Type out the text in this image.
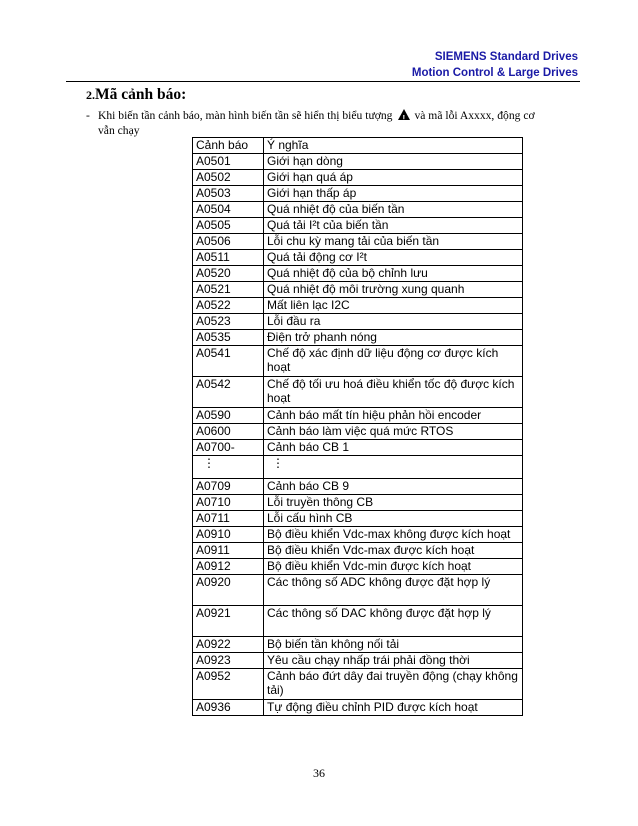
SIEMENS Standard Drives
Motion Control & Large Drives
2.Mã cảnh báo:
- Khi biến tần cảnh báo, màn hình biến tần sẽ hiển thị biểu tượng ! và mã lỗi Axxxx, động cơ
vẫn chạy
Cảnh báo	Ý nghĩa
A0501	Giới hạn dòng
A0502	Giới hạn quá áp
A0503	Giới hạn thấp áp
A0504	Quá nhiệt độ của biến tần
A0505	Quá tải I²t của biến tần
A0506	Lỗi chu kỳ mang tải của biến tần
A0511	Quá tải động cơ I²t
A0520	Quá nhiệt độ của bộ chỉnh lưu
A0521	Quá nhiệt độ môi trường xung quanh
A0522	Mất liên lạc I2C
A0523	Lỗi đầu ra
A0535	Điện trở phanh nóng
A0541	Chế độ xác định dữ liệu động cơ được kích hoạt
A0542	Chế độ tối ưu hoá điều khiển tốc độ được kích hoạt
A0590	Cảnh báo mất tín hiệu phản hồi encoder
A0600	Cảnh báo làm việc quá mức RTOS
A0700-	Cảnh báo CB 1
⋮	⋮
A0709	Cảnh báo CB 9
A0710	Lỗi truyền thông CB
A0711	Lỗi cấu hình CB
A0910	Bộ điều khiển Vdc-max không được kích hoạt
A0911	Bộ điều khiển Vdc-max được kích hoạt
A0912	Bộ điều khiển Vdc-min được kích hoạt
A0920	Các thông số ADC không được đặt hợp lý
A0921	Các thông số DAC không được đặt hợp lý
A0922	Bộ biến tần không nối tải
A0923	Yêu cầu chạy nhấp trái phải đồng thời
A0952	Cảnh báo đứt dây đai truyền động (chạy không tải)
A0936	Tự động điều chỉnh PID được kích hoạt
36
